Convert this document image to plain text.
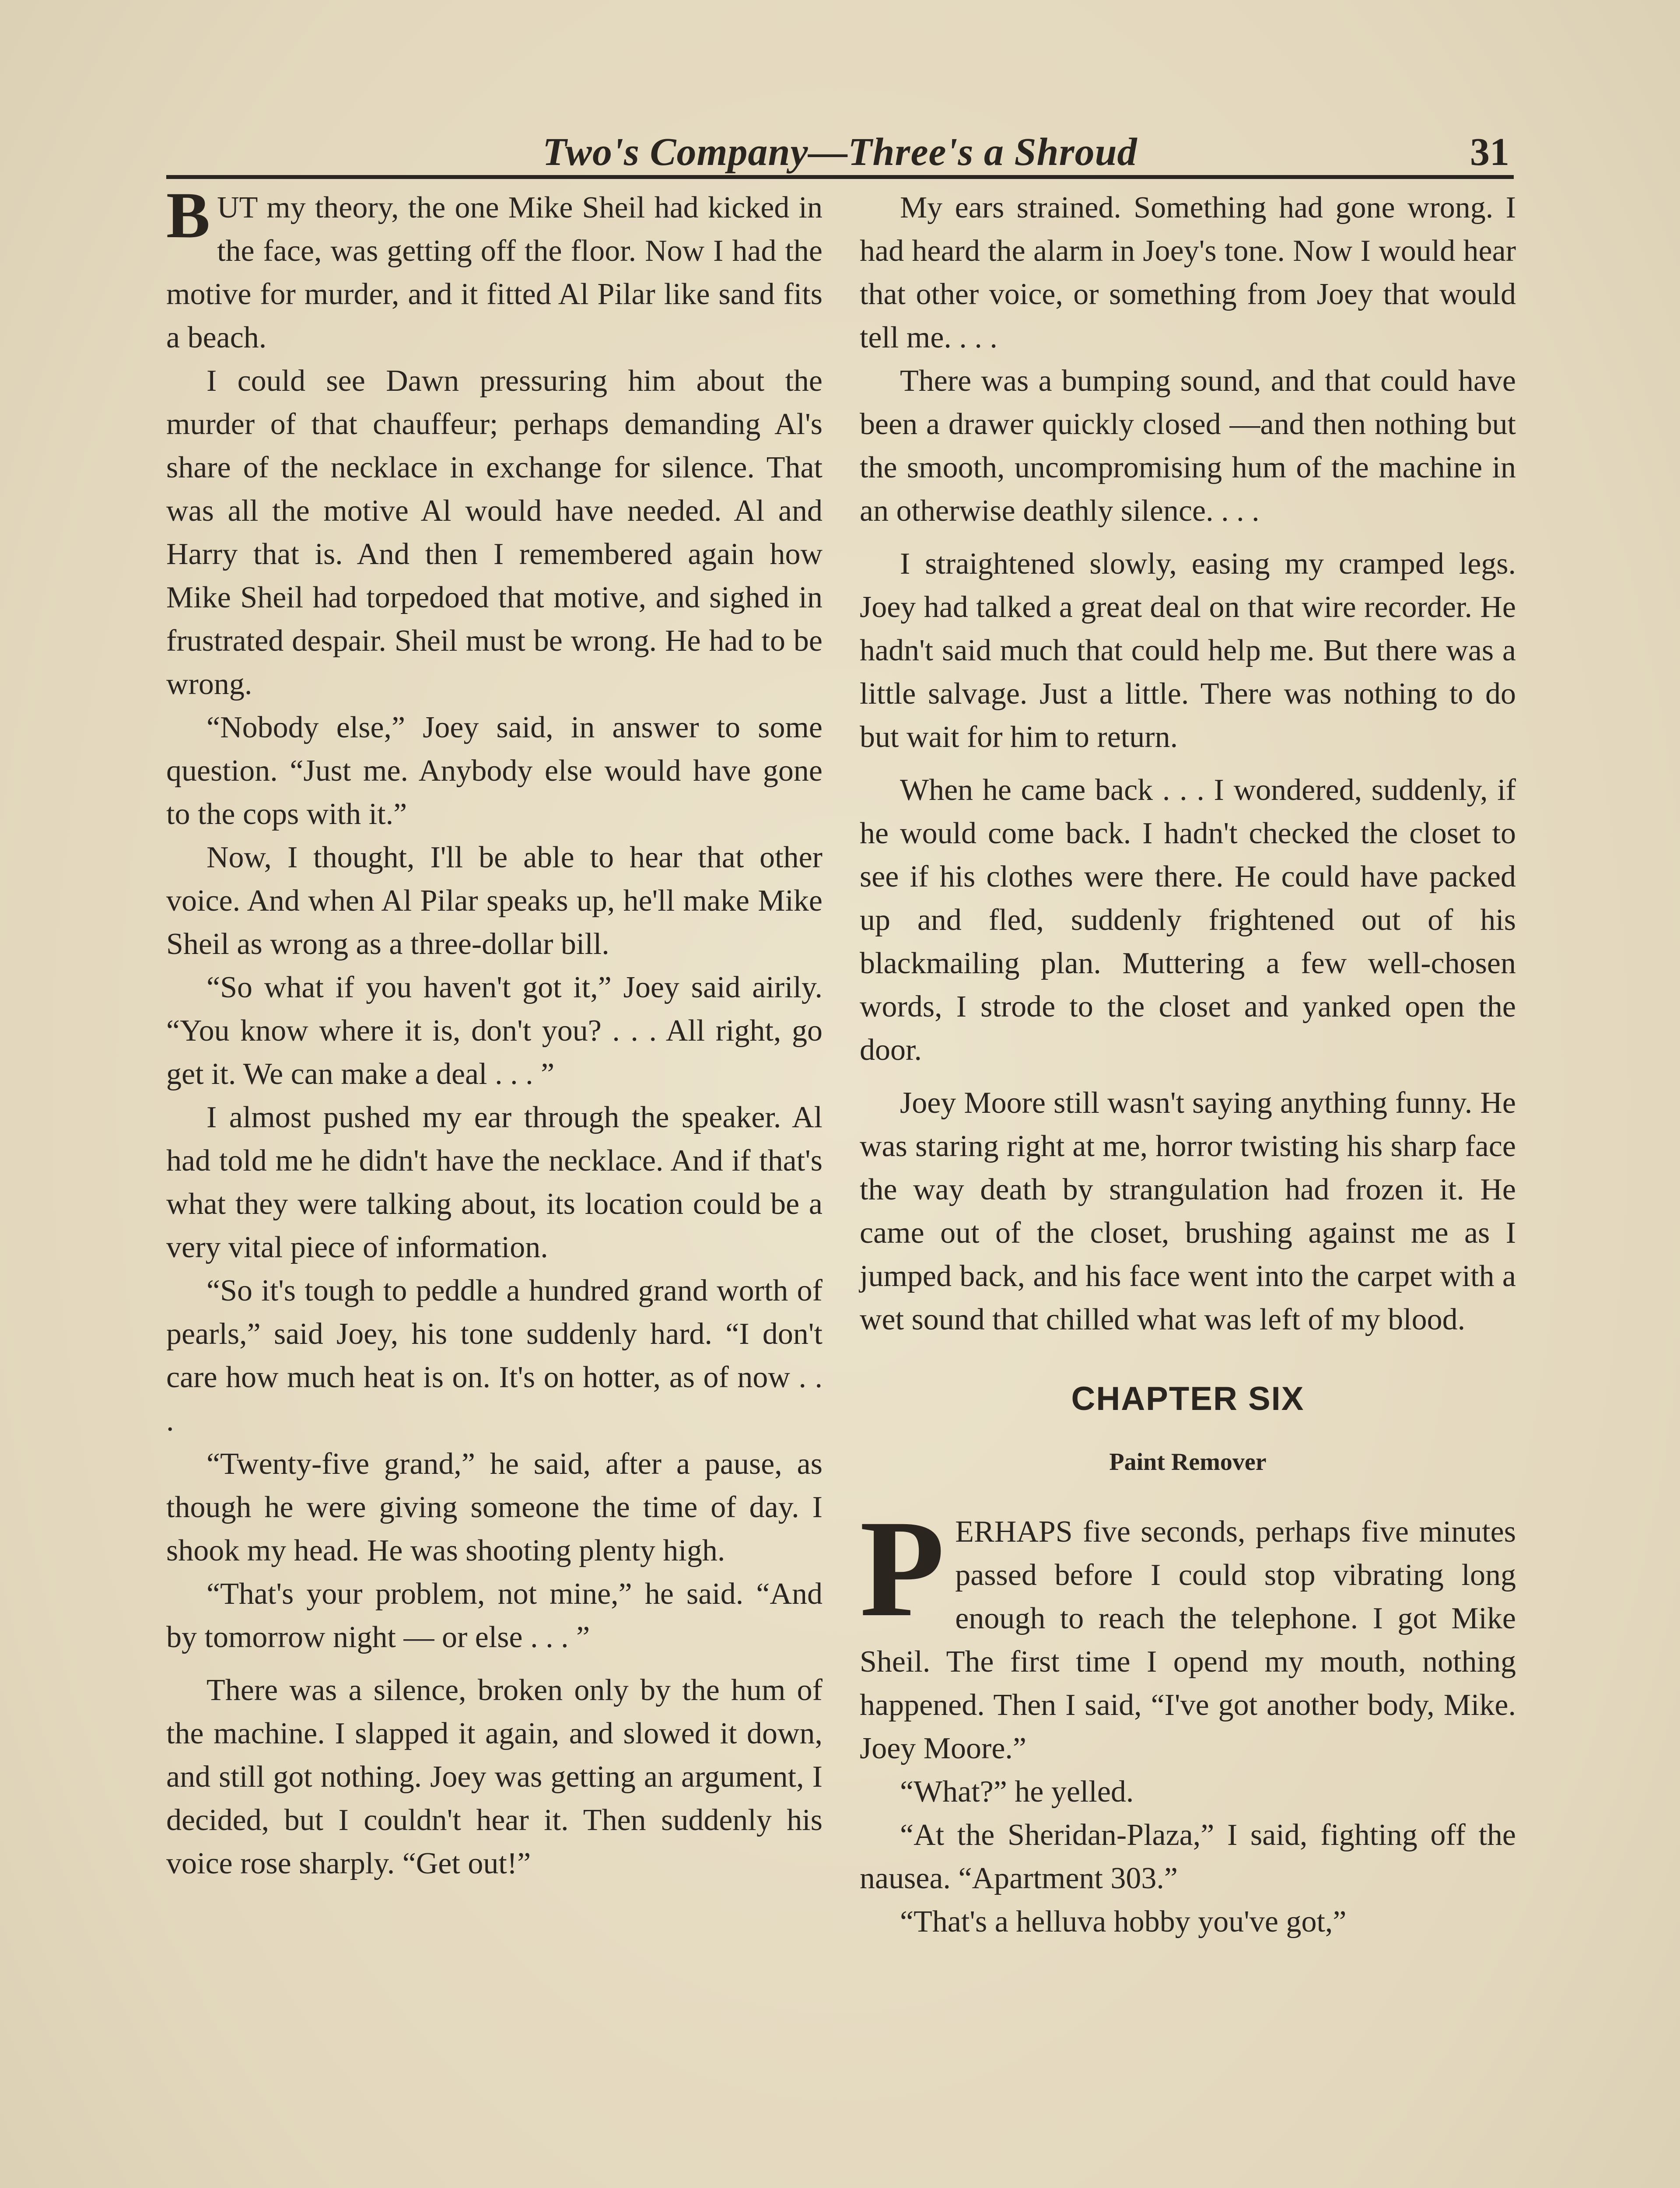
Two's Company—Three's a Shroud	31

BUT my theory, the one Mike Sheil had kicked in the face, was getting off the floor. Now I had the motive for murder, and it fitted Al Pilar like sand fits a beach.

I could see Dawn pressuring him about the murder of that chauffeur; perhaps demanding Al's share of the necklace in exchange for silence. That was all the motive Al would have needed. Al and Harry that is. And then I remembered again how Mike Sheil had torpedoed that motive, and sighed in frustrated despair. Sheil must be wrong. He had to be wrong.

“Nobody else,” Joey said, in answer to some question. “Just me. Anybody else would have gone to the cops with it.”

Now, I thought, I'll be able to hear that other voice. And when Al Pilar speaks up, he'll make Mike Sheil as wrong as a three-dollar bill.

“So what if you haven't got it,” Joey said airily. “You know where it is, don't you? . . . All right, go get it. We can make a deal . . . ”

I almost pushed my ear through the speaker. Al had told me he didn't have the necklace. And if that's what they were talking about, its location could be a very vital piece of information.

“So it's tough to peddle a hundred grand worth of pearls,” said Joey, his tone suddenly hard. “I don't care how much heat is on. It's on hotter, as of now . . .

“Twenty-five grand,” he said, after a pause, as though he were giving someone the time of day. I shook my head. He was shooting plenty high.

“That's your problem, not mine,” he said. “And by tomorrow night — or else . . . ”

There was a silence, broken only by the hum of the machine. I slapped it again, and slowed it down, and still got nothing. Joey was getting an argument, I decided, but I couldn't hear it. Then suddenly his voice rose sharply. “Get out!”

My ears strained. Something had gone wrong. I had heard the alarm in Joey's tone. Now I would hear that other voice, or something from Joey that would tell me. . . .

There was a bumping sound, and that could have been a drawer quickly closed —and then nothing but the smooth, uncompromising hum of the machine in an otherwise deathly silence. . . .

I straightened slowly, easing my cramped legs. Joey had talked a great deal on that wire recorder. He hadn't said much that could help me. But there was a little salvage. Just a little. There was nothing to do but wait for him to return.

When he came back . . . I wondered, suddenly, if he would come back. I hadn't checked the closet to see if his clothes were there. He could have packed up and fled, suddenly frightened out of his blackmailing plan. Muttering a few well-chosen words, I strode to the closet and yanked open the door.

Joey Moore still wasn't saying anything funny. He was staring right at me, horror twisting his sharp face the way death by strangulation had frozen it. He came out of the closet, brushing against me as I jumped back, and his face went into the carpet with a wet sound that chilled what was left of my blood.

CHAPTER SIX
Paint Remover

PERHAPS five seconds, perhaps five minutes passed before I could stop vibrating long enough to reach the telephone. I got Mike Sheil. The first time I opend my mouth, nothing happened. Then I said, “I've got another body, Mike. Joey Moore.”

“What?” he yelled.

“At the Sheridan-Plaza,” I said, fighting off the nausea. “Apartment 303.”

“That's a helluva hobby you've got,”
